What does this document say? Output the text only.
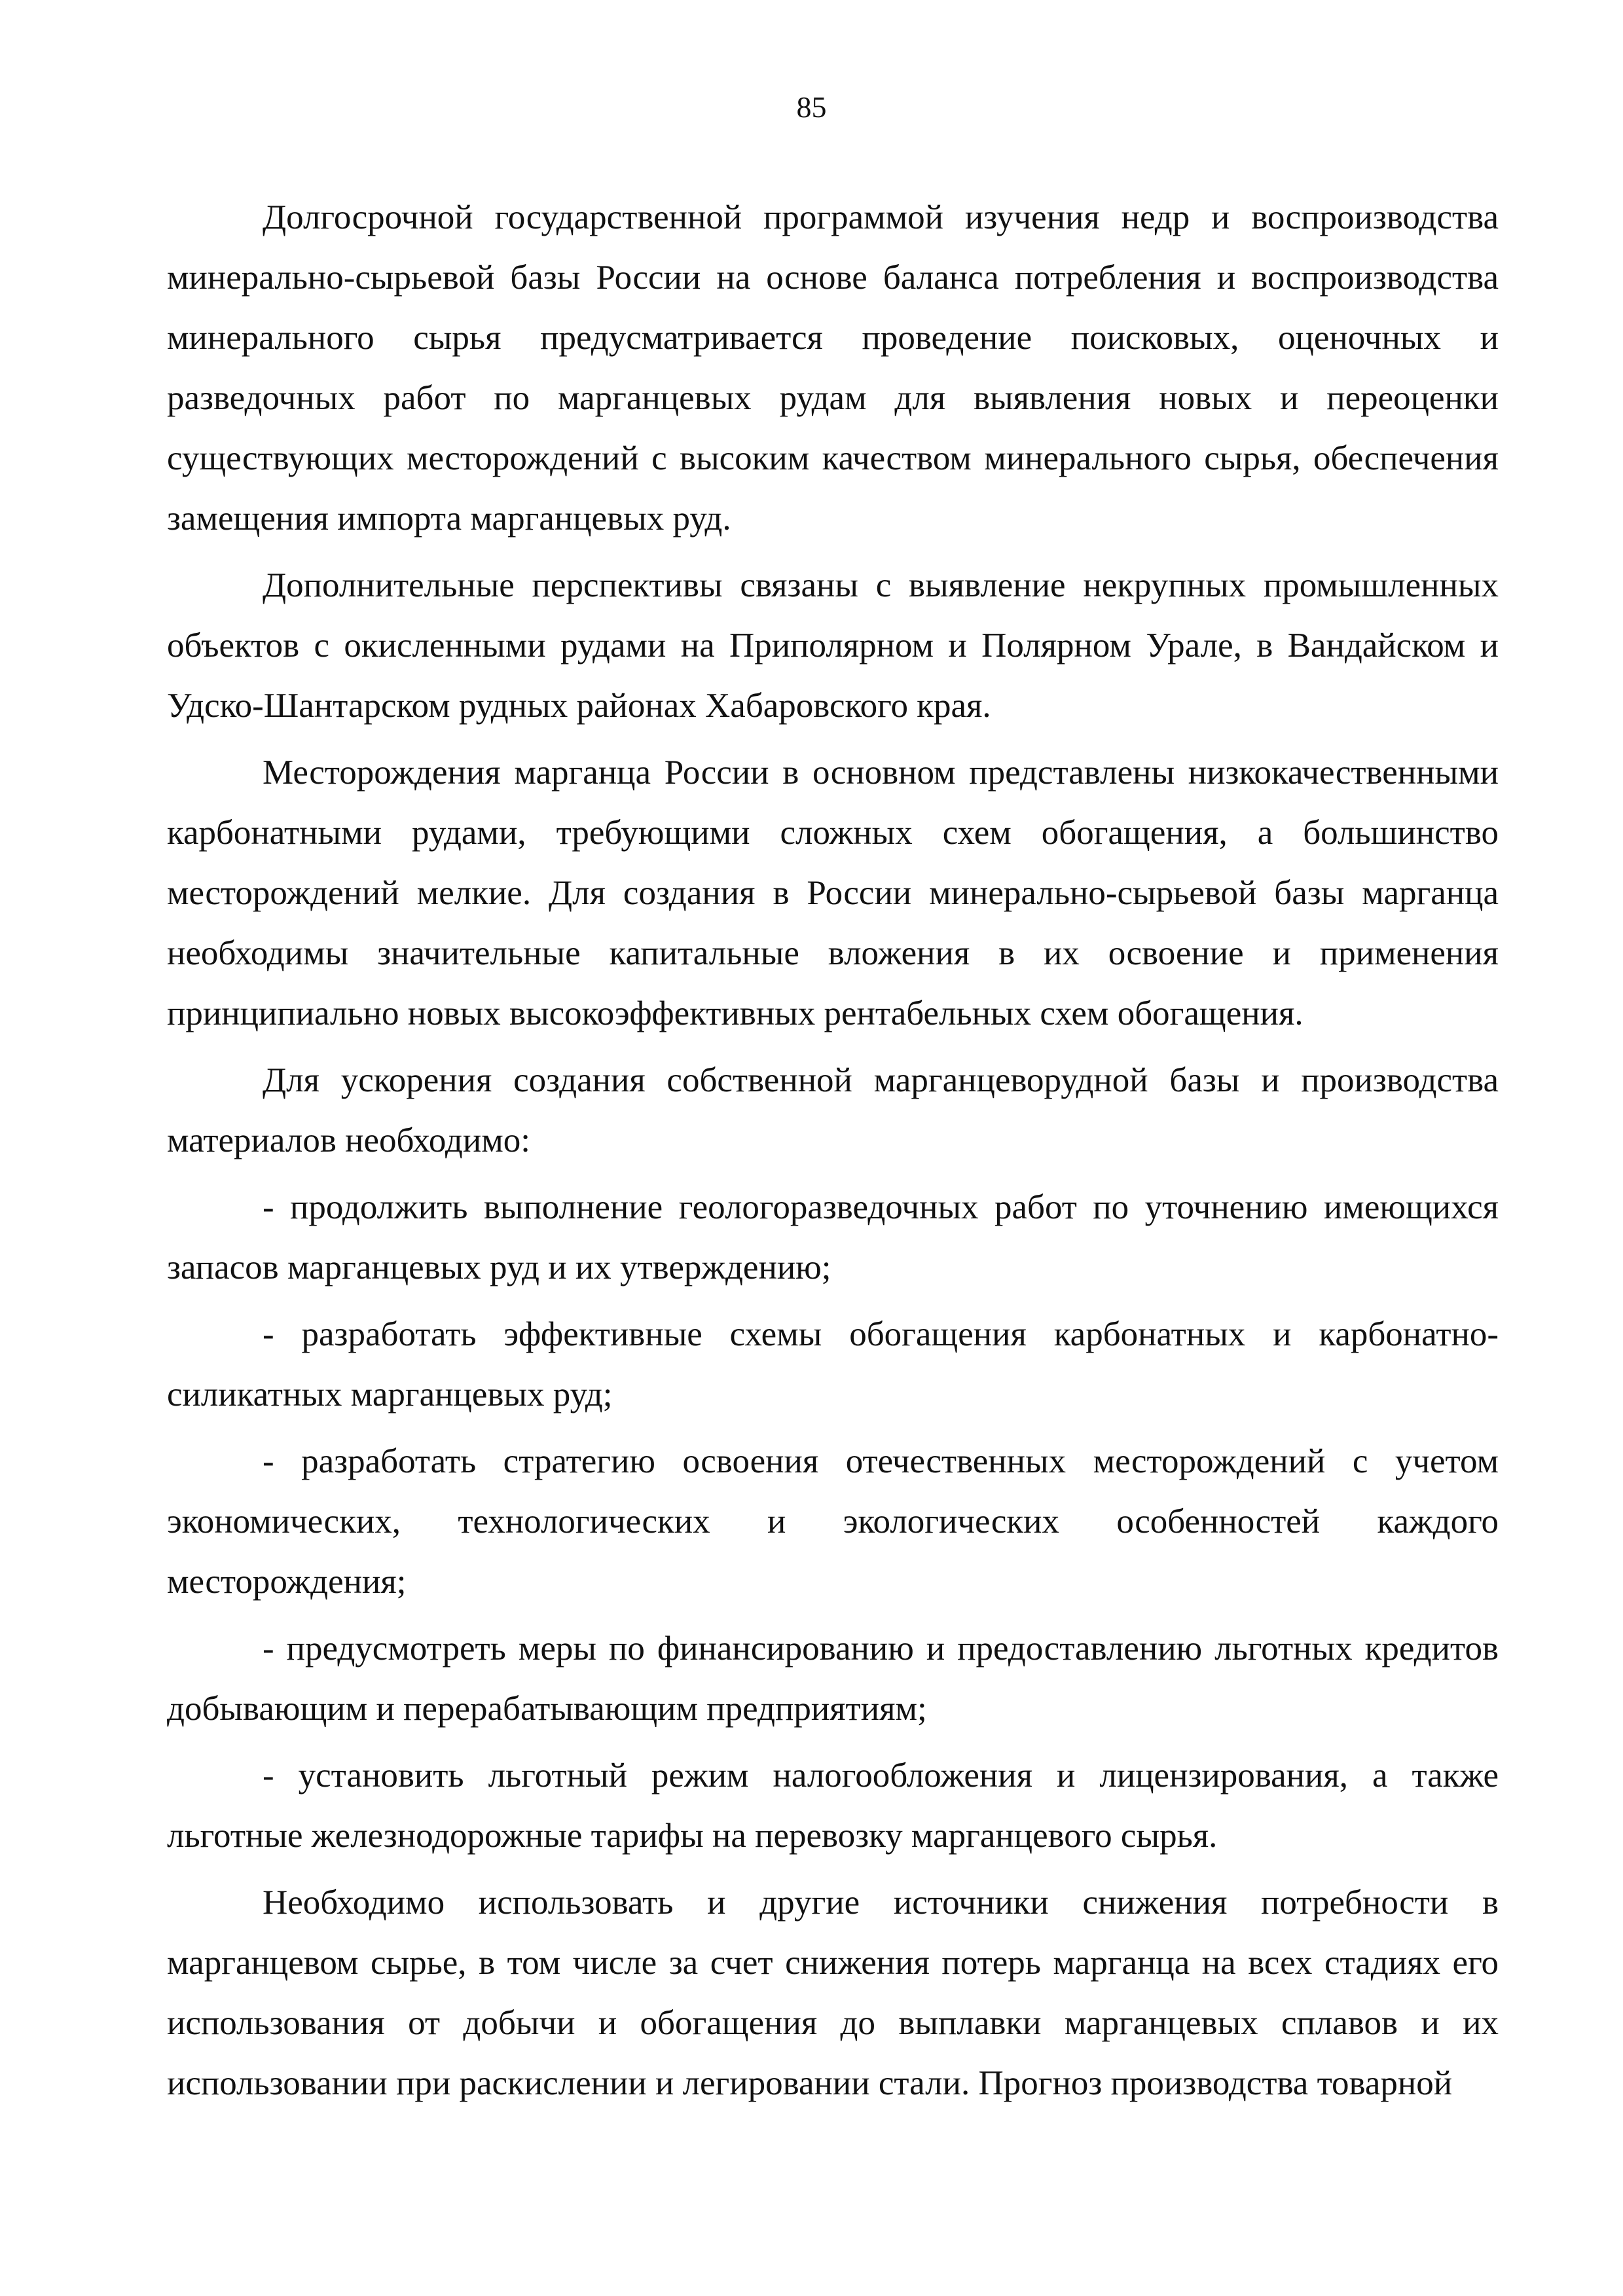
85

Долгосрочной государственной программой изучения недр и воспроизводства минерально-сырьевой базы России на основе баланса потребления и воспроизводства минерального сырья предусматривается проведение поисковых, оценочных и разведочных работ по марганцевых рудам для выявления новых и переоценки существующих месторождений с высоким качеством минерального сырья, обеспечения замещения импорта марганцевых руд.

Дополнительные перспективы связаны с выявление некрупных промышленных объектов с окисленными рудами на Приполярном и Полярном Урале, в Вандайском и Удско-Шантарском рудных районах Хабаровского края.

Месторождения марганца России в основном представлены низкокачественными карбонатными рудами, требующими сложных схем обогащения, а большинство месторождений мелкие. Для создания в России минерально-сырьевой базы марганца необходимы значительные капитальные вложения в их освоение и применения принципиально новых высокоэффективных рентабельных схем обогащения.

Для ускорения создания собственной марганцеворудной базы и производства материалов необходимо:

- продолжить выполнение геологоразведочных работ по уточнению имеющихся запасов марганцевых руд и их утверждению;

- разработать эффективные схемы обогащения карбонатных и карбонатно-силикатных марганцевых руд;

- разработать стратегию освоения отечественных месторождений с учетом экономических, технологических и экологических особенностей каждого месторождения;

- предусмотреть меры по финансированию и предоставлению льготных кредитов добывающим и перерабатывающим предприятиям;

- установить льготный режим налогообложения и лицензирования, а также льготные железнодорожные тарифы на перевозку марганцевого сырья.

Необходимо использовать и другие источники снижения потребности в марганцевом сырье, в том числе за счет снижения потерь марганца на всех стадиях его использования от добычи и обогащения до выплавки марганцевых сплавов и их использовании при раскислении и легировании стали. Прогноз производства товарной
